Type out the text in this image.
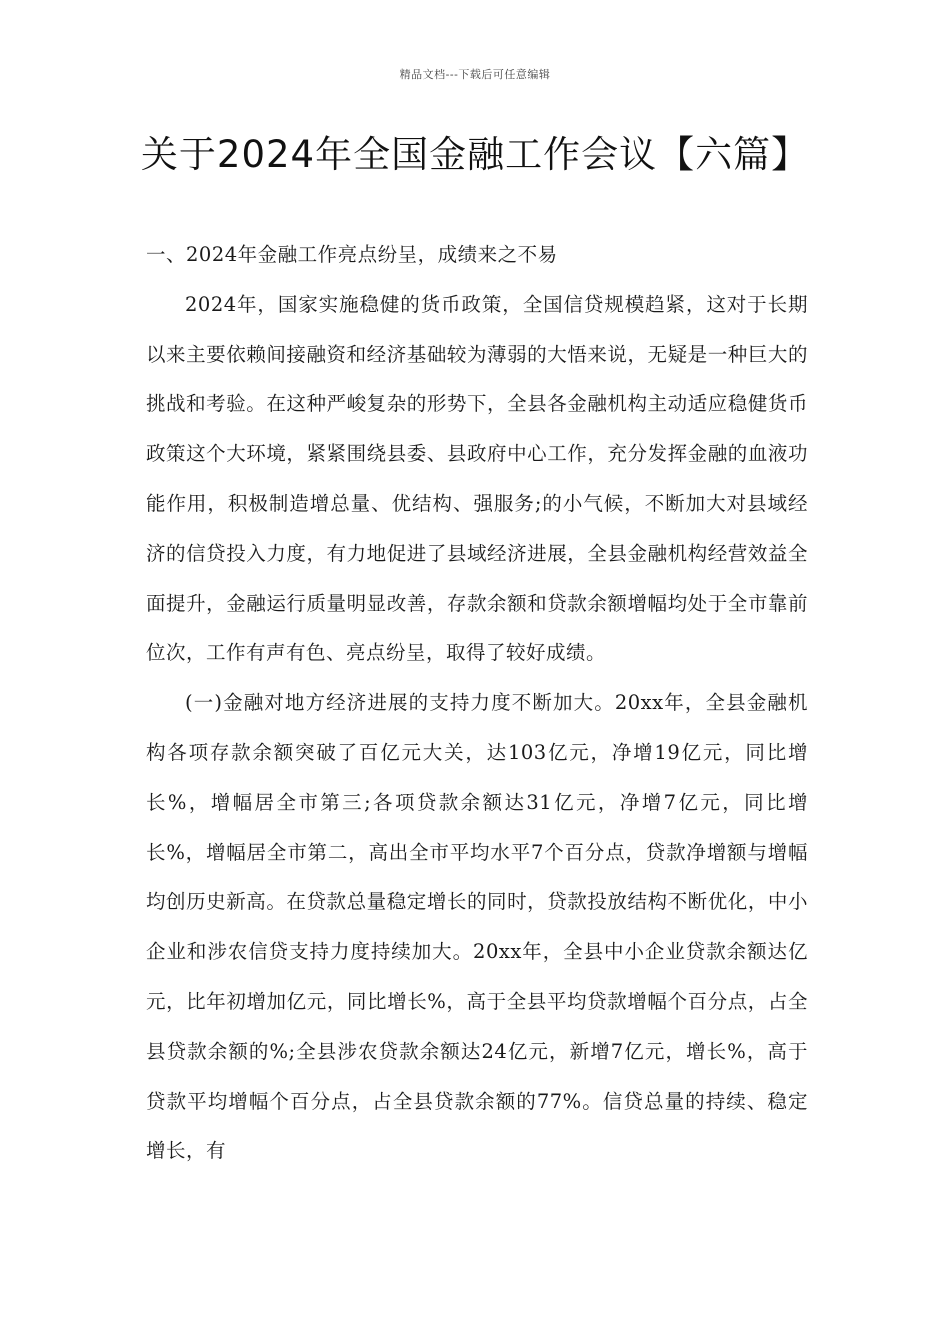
精品文档---下载后可任意编辑
关于2024年全国金融工作会议【六篇】

一、2024年金融工作亮点纷呈，成绩来之不易

2024年，国家实施稳健的货币政策，全国信贷规模趋紧，这对于长期以来主要依赖间接融资和经济基础较为薄弱的大悟来说，无疑是一种巨大的挑战和考验。在这种严峻复杂的形势下，全县各金融机构主动适应稳健货币政策这个大环境，紧紧围绕县委、县政府中心工作，充分发挥金融的血液功能作用，积极制造增总量、优结构、强服务;的小气候，不断加大对县域经济的信贷投入力度，有力地促进了县域经济进展，全县金融机构经营效益全面提升，金融运行质量明显改善，存款余额和贷款余额增幅均处于全市靠前位次，工作有声有色、亮点纷呈，取得了较好成绩。

(一)金融对地方经济进展的支持力度不断加大。20xx年，全县金融机构各项存款余额突破了百亿元大关，达103亿元，净增19亿元，同比增长%，增幅居全市第三;各项贷款余额达31亿元，净增7亿元，同比增长%，增幅居全市第二，高出全市平均水平7个百分点，贷款净增额与增幅均创历史新高。在贷款总量稳定增长的同时，贷款投放结构不断优化，中小企业和涉农信贷支持力度持续加大。20xx年，全县中小企业贷款余额达亿元，比年初增加亿元，同比增长%，高于全县平均贷款增幅个百分点，占全县贷款余额的%;全县涉农贷款余额达24亿元，新增7亿元，增长%，高于贷款平均增幅个百分点，占全县贷款余额的77%。信贷总量的持续、稳定增长，有
